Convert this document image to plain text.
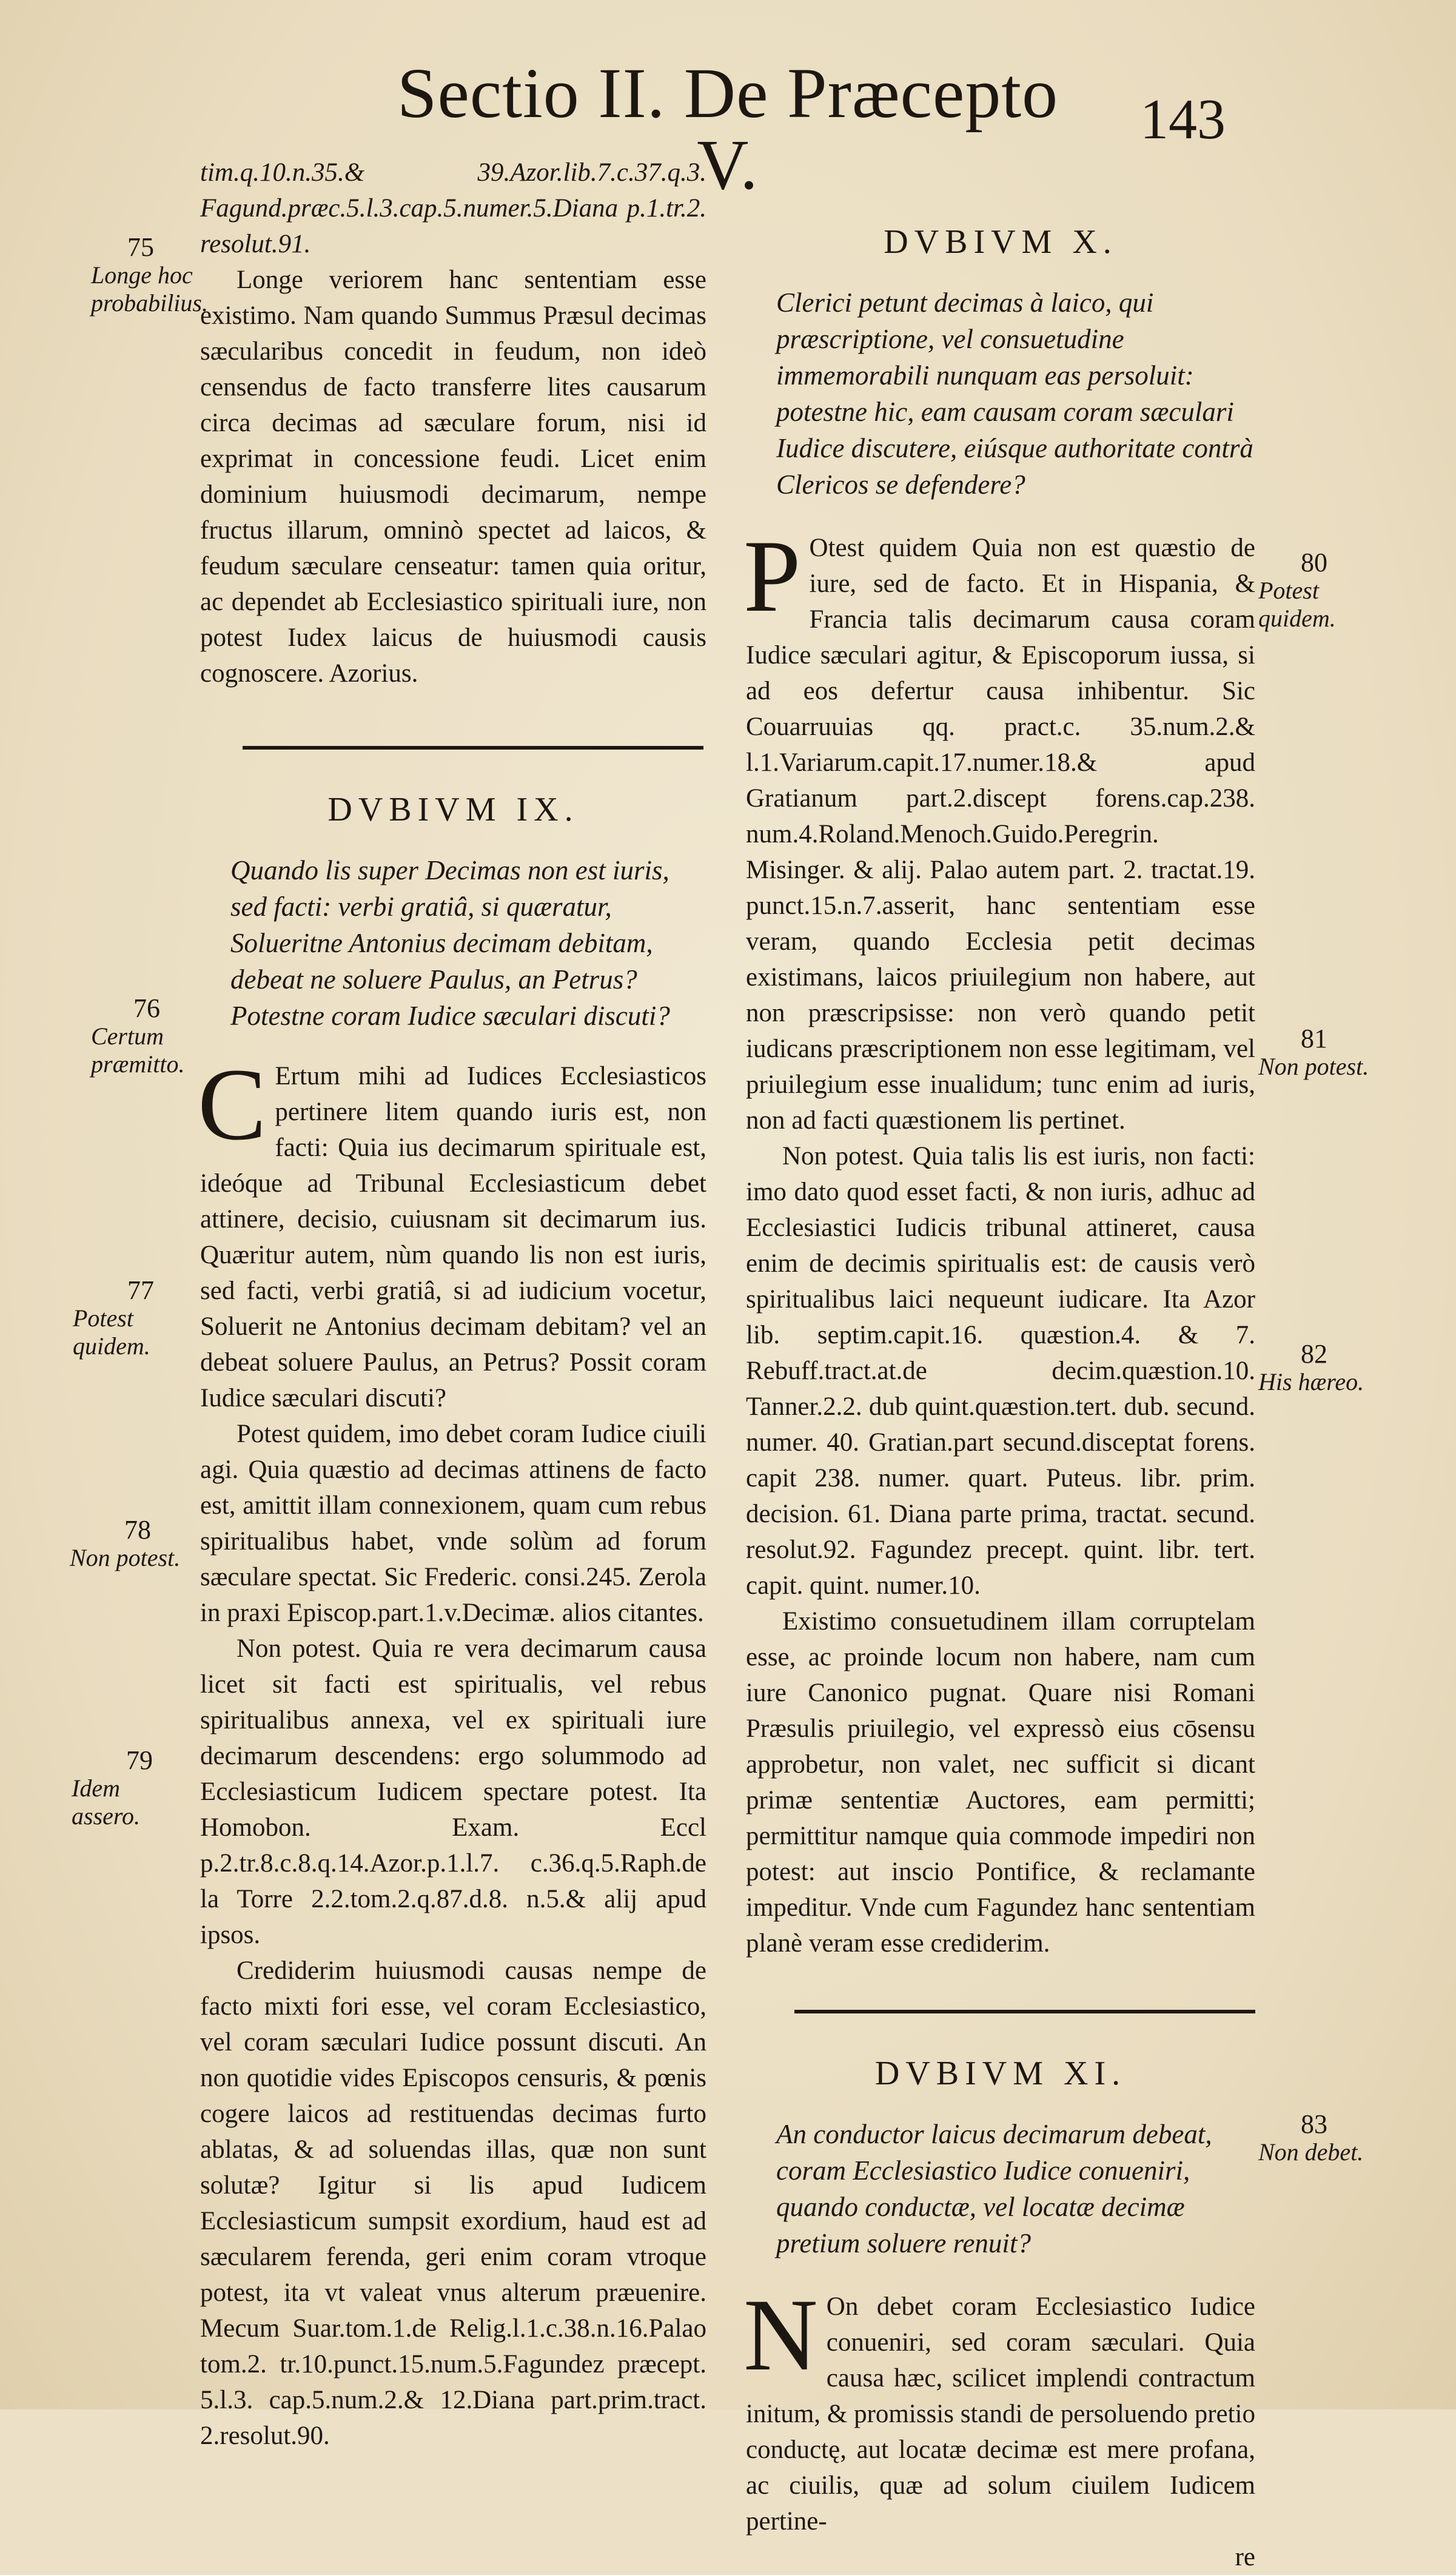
Sectio II. De Præcepto V.
143

tim.q.10.n.35.& 39.Azor.lib.7.c.37.q.3. Fagund.præc.5.l.3.cap.5.numer.5.Diana p.1.tr.2. resolut.91.

Longe veriorem hanc sententiam esse existimo. Nam quando Summus Præsul decimas sæcularibus concedit in feudum, non ideò censendus de facto transferre lites causarum circa decimas ad sæculare forum, nisi id exprimat in concessione feudi. Licet enim dominium huiusmodi decimarum, nempe fructus illarum, omninò spectet ad laicos, & feudum sæculare censeatur: tamen quia oritur, ac dependet ab Ecclesiastico spirituali iure, non potest Iudex laicus de huiusmodi causis cognoscere. Azorius.

DVBIVM IX.

Quando lis super Decimas non est iuris, sed facti: verbi gratiâ, si quæratur, Solueritne Antonius decimam debitam, debeat ne soluere Paulus, an Petrus? Potestne coram Iudice sæculari discuti?

C Ertum mihi ad Iudices Ecclesiasticos pertinere litem quando iuris est, non facti: Quia ius decimarum spirituale est, ideóque ad Tribunal Ecclesiasticum debet attinere, decisio, cuiusnam sit decimarum ius. Quæritur autem, nùm quando lis non est iuris, sed facti, verbi gratiâ, si ad iudicium vocetur, Soluerit ne Antonius decimam debitam? vel an debeat soluere Paulus, an Petrus? Possit coram Iudice sæculari discuti?

Potest quidem, imo debet coram Iudice ciuili agi. Quia quæstio ad decimas attinens de facto est, amittit illam connexionem, quam cum rebus spiritualibus habet, vnde solùm ad forum sæculare spectat. Sic Frederic. consi.245. Zerola in praxi Episcop.part.1.v.Decimæ. alios citantes.

Non potest. Quia re vera decimarum causa licet sit facti est spiritualis, vel rebus spiritualibus annexa, vel ex spirituali iure decimarum descendens: ergo solummodo ad Ecclesiasticum Iudicem spectare potest. Ita Homobon. Exam. Eccl p.2.tr.8.c.8.q.14.Azor.p.1.l.7. c.36.q.5.Raph.de la Torre 2.2.tom.2.q.87.d.8. n.5.& alij apud ipsos.

Crediderim huiusmodi causas nempe de facto mixti fori esse, vel coram Ecclesiastico, vel coram sæculari Iudice possunt discuti. An non quotidie vides Episcopos censuris, & pœnis cogere laicos ad restituendas decimas furto ablatas, & ad soluendas illas, quæ non sunt solutæ? Igitur si lis apud Iudicem Ecclesiasticum sumpsit exordium, haud est ad sæcularem ferenda, geri enim coram vtroque potest, ita vt valeat vnus alterum præuenire. Mecum Suar.tom.1.de Relig.l.1.c.38.n.16.Palao tom.2. tr.10.punct.15.num.5.Fagundez præcept. 5.l.3. cap.5.num.2.& 12.Diana part.prim.tract. 2.resolut.90.

DVBIVM X.

Clerici petunt decimas à laico, qui præscriptione, vel consuetudine immemorabili nunquam eas persoluit: potestne hic, eam causam coram sæculari Iudice discutere, eiúsque authoritate contrà Clericos se defendere?

P Otest quidem Quia non est quæstio de iure, sed de facto. Et in Hispania, & Francia talis decimarum causa coram Iudice sæculari agitur, & Episcoporum iussa, si ad eos defertur causa inhibentur. Sic Couarruuias qq. pract.c. 35.num.2.& l.1.Variarum.capit.17.numer.18.& apud Gratianum part.2.discept forens.cap.238. num.4.Roland.Menoch.Guido.Peregrin. Misinger. & alij. Palao autem part. 2. tractat.19. punct.15.n.7.asserit, hanc sententiam esse veram, quando Ecclesia petit decimas existimans, laicos priuilegium non habere, aut non præscripsisse: non verò quando petit iudicans præscriptionem non esse legitimam, vel priuilegium esse inualidum; tunc enim ad iuris, non ad facti quæstionem lis pertinet.

Non potest. Quia talis lis est iuris, non facti: imo dato quod esset facti, & non iuris, adhuc ad Ecclesiastici Iudicis tribunal attineret, causa enim de decimis spiritualis est: de causis verò spiritualibus laici nequeunt iudicare. Ita Azor lib. septim.capit.16. quæstion.4. & 7. Rebuff.tract.at.de decim.quæstion.10. Tanner.2.2. dub quint.quæstion.tert. dub. secund. numer. 40. Gratian.part secund.disceptat forens. capit 238. numer. quart. Puteus. libr. prim. decision. 61. Diana parte prima, tractat. secund. resolut.92. Fagundez precept. quint. libr. tert. capit. quint. numer.10.

Existimo consuetudinem illam corruptelam esse, ac proinde locum non habere, nam cum iure Canonico pugnat. Quare nisi Romani Præsulis priuilegio, vel expressò eius cōsensu approbetur, non valet, nec sufficit si dicant primæ sententiæ Auctores, eam permitti; permittitur namque quia commode impediri non potest: aut inscio Pontifice, & reclamante impeditur. Vnde cum Fagundez hanc sententiam planè veram esse crediderim.

DVBIVM XI.

An conductor laicus decimarum debeat, coram Ecclesiastico Iudice conueniri, quando conductæ, vel locatæ decimæ pretium soluere renuit?

N On debet coram Ecclesiastico Iudice conueniri, sed coram sæculari. Quia causa hæc, scilicet implendi contractum initum, & promissis standi de persoluendo pretio conductę, aut locatæ decimæ est mere profana, ac ciuilis, quæ ad solum ciuilem Iudicem pertine-

re
75
Longe hoc probabilius.
76
Certum præmitto.
77
Potest quidem.
78
Non potest.
79
Idem assero.
80
Potest quidem.
81
Non potest.
82
His hæreo.
83
Non debet.
